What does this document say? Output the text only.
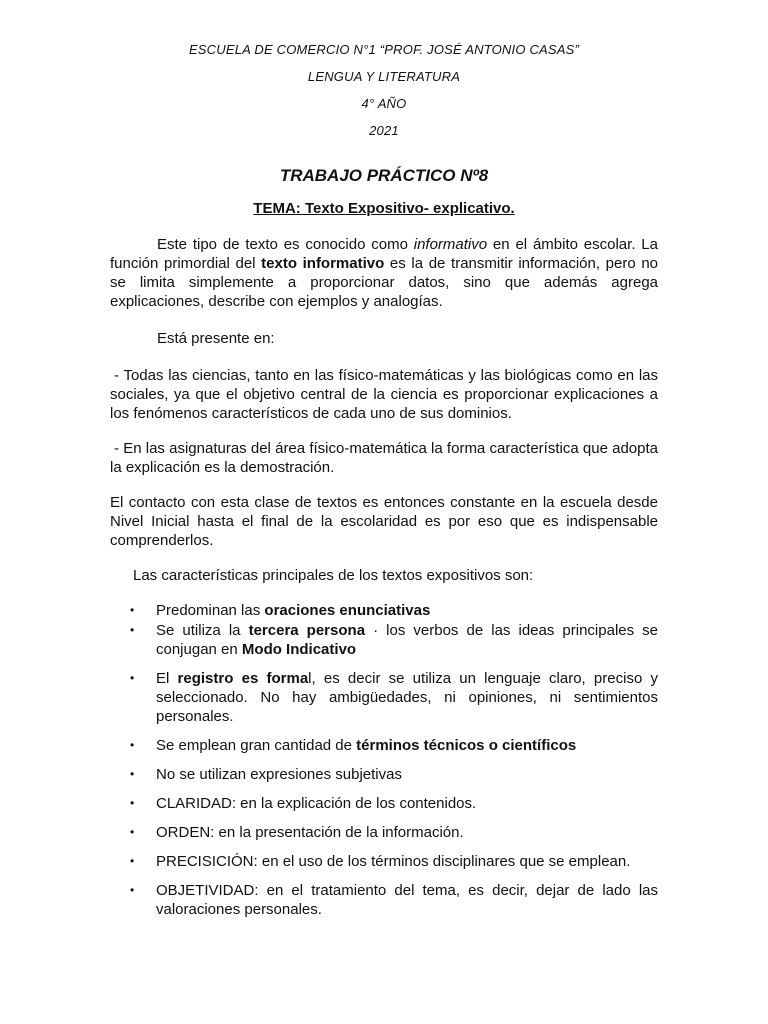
ESCUELA DE COMERCIO N°1 “PROF. JOSÉ ANTONIO CASAS”
LENGUA Y LITERATURA
4° AÑO
2021
TRABAJO PRÁCTICO Nº8
TEMA: Texto Expositivo- explicativo.

Este tipo de texto es conocido como informativo en el ámbito escolar. La función primordial del texto informativo es la de transmitir información, pero no se limita simplemente a proporcionar datos, sino que además agrega explicaciones, describe con ejemplos y analogías.

Está presente en:

- Todas las ciencias, tanto en las físico-matemáticas y las biológicas como en las sociales, ya que el objetivo central de la ciencia es proporcionar explicaciones a los fenómenos característicos de cada uno de sus dominios.

- En las asignaturas del área físico-matemática la forma característica que adopta la explicación es la demostración.

El contacto con esta clase de textos es entonces constante en la escuela desde Nivel Inicial hasta el final de la escolaridad es por eso que es indispensable comprenderlos.

Las características principales de los textos expositivos son:

• Predominan las oraciones enunciativas
• Se utiliza la tercera persona · los verbos de las ideas principales se conjugan en Modo Indicativo
• El registro es formal, es decir se utiliza un lenguaje claro, preciso y seleccionado. No hay ambigüedades, ni opiniones, ni sentimientos personales.
• Se emplean gran cantidad de términos técnicos o científicos
• No se utilizan expresiones subjetivas
• CLARIDAD: en la explicación de los contenidos.
• ORDEN: en la presentación de la información.
• PRECISICIÓN: en el uso de los términos disciplinares que se emplean.
• OBJETIVIDAD: en el tratamiento del tema, es decir, dejar de lado las valoraciones personales.
